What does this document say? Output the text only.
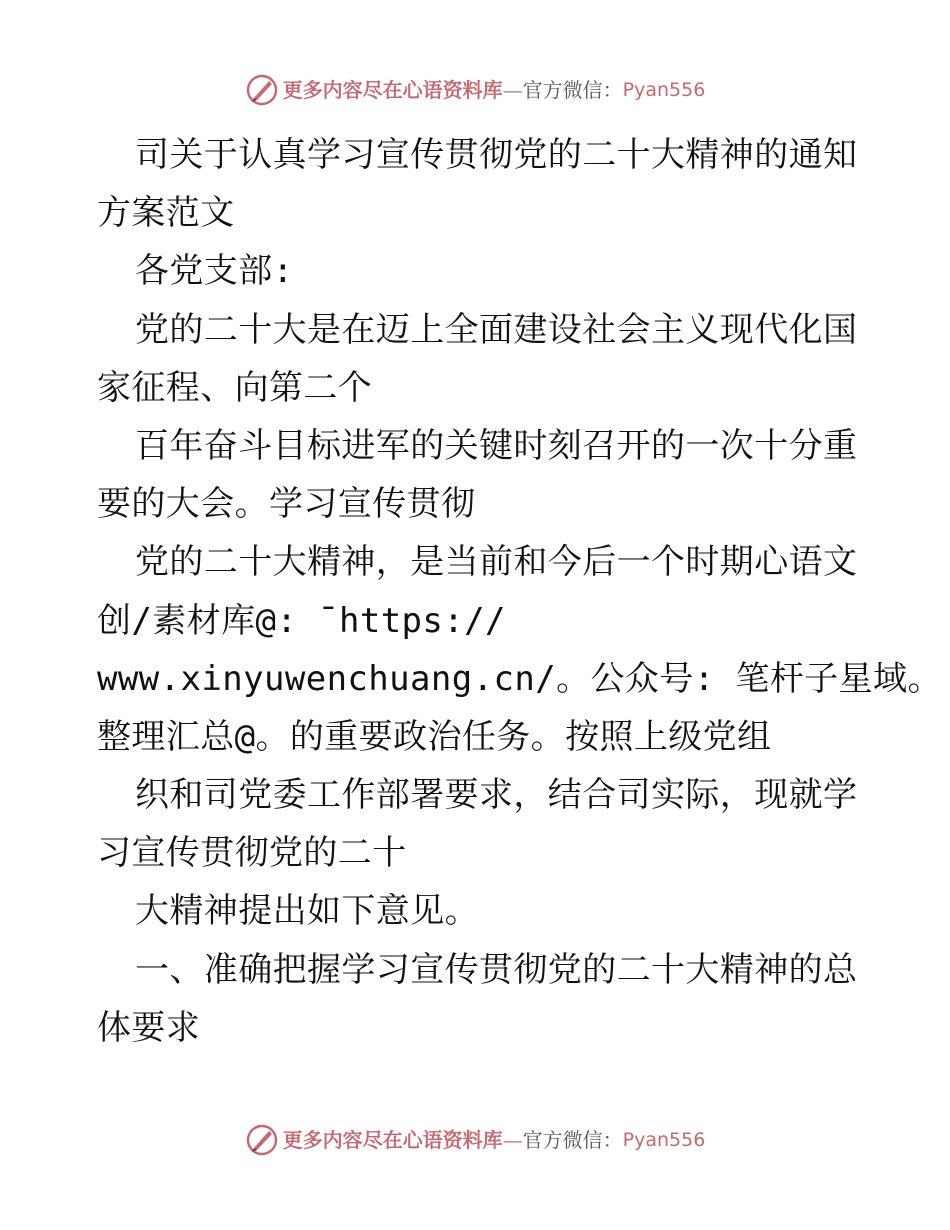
更多内容尽在心语资料库 — 官方微信： Pyan556
司关于认真学习宣传贯彻党的二十大精神的通知
方案范文
各党支部:
党的二十大是在迈上全面建设社会主义现代化国
家征程、向第二个
百年奋斗目标进军的关键时刻召开的一次十分重
要的大会。学习宣传贯彻
党的二十大精神，是当前和今后一个时期心语文
创/素材库@: ¯https://
www.xinyuwenchuang.cn/。公众号: 笔杆子星域。
整理汇总@。的重要政治任务。按照上级党组
织和司党委工作部署要求，结合司实际，现就学
习宣传贯彻党的二十
大精神提出如下意见。
一、准确把握学习宣传贯彻党的二十大精神的总
体要求
更多内容尽在心语资料库 — 官方微信： Pyan556
